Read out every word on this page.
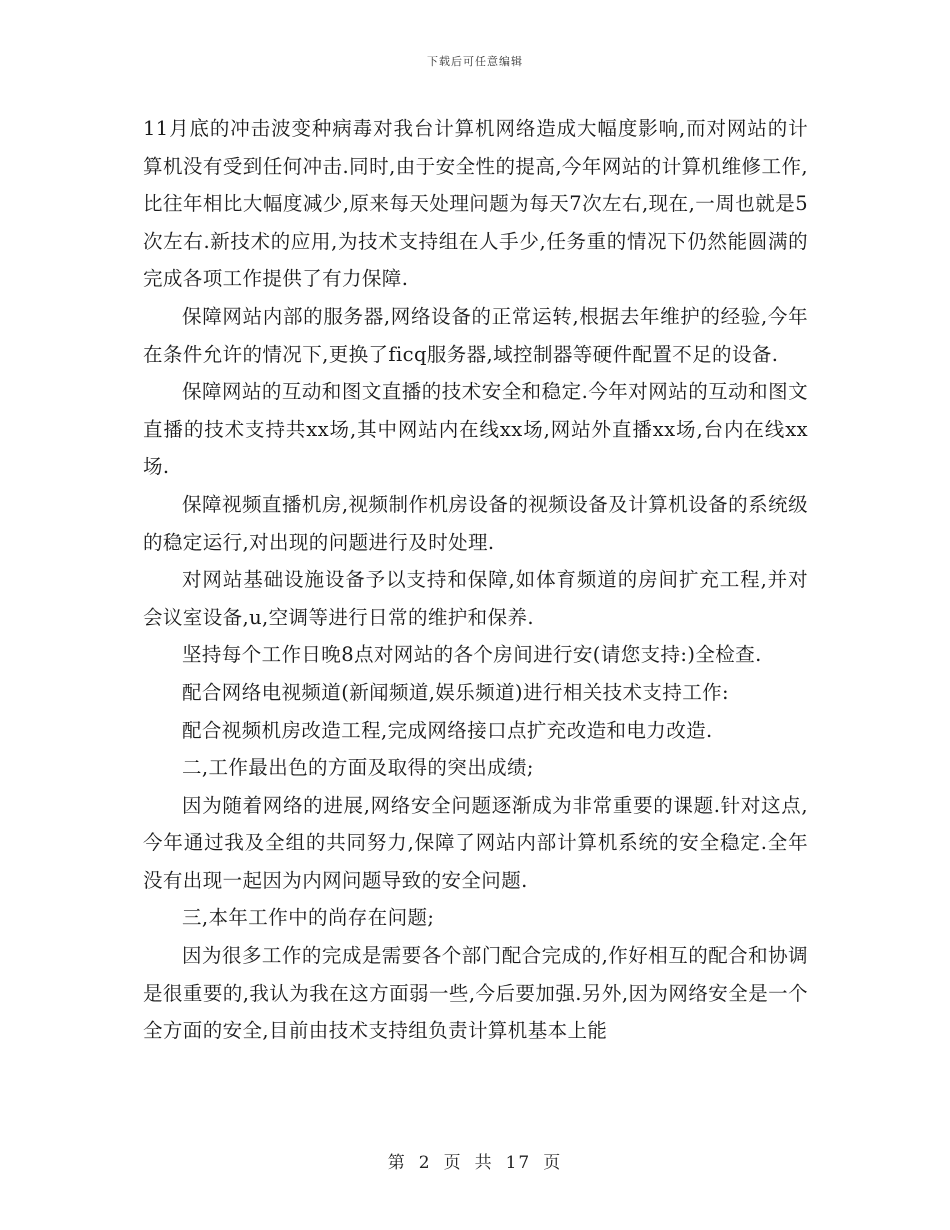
下载后可任意编辑

11月底的冲击波变种病毒对我台计算机网络造成大幅度影响,而对网站的计算机没有受到任何冲击.同时,由于安全性的提高,今年网站的计算机维修工作,比往年相比大幅度减少,原来每天处理问题为每天7次左右,现在,一周也就是5次左右.新技术的应用,为技术支持组在人手少,任务重的情况下仍然能圆满的完成各项工作提供了有力保障.

保障网站内部的服务器,网络设备的正常运转,根据去年维护的经验,今年在条件允许的情况下,更换了ficq服务器,域控制器等硬件配置不足的设备.

保障网站的互动和图文直播的技术安全和稳定.今年对网站的互动和图文直播的技术支持共xx场,其中网站内在线xx场,网站外直播xx场,台内在线xx场.

保障视频直播机房,视频制作机房设备的视频设备及计算机设备的系统级的稳定运行,对出现的问题进行及时处理.

对网站基础设施设备予以支持和保障,如体育频道的房间扩充工程,并对会议室设备,u,空调等进行日常的维护和保养.

坚持每个工作日晚8点对网站的各个房间进行安(请您支持:)全检查.

配合网络电视频道(新闻频道,娱乐频道)进行相关技术支持工作:

配合视频机房改造工程,完成网络接口点扩充改造和电力改造.

二,工作最出色的方面及取得的突出成绩;

因为随着网络的进展,网络安全问题逐渐成为非常重要的课题.针对这点,今年通过我及全组的共同努力,保障了网站内部计算机系统的安全稳定.全年没有出现一起因为内网问题导致的安全问题.

三,本年工作中的尚存在问题;

因为很多工作的完成是需要各个部门配合完成的,作好相互的配合和协调是很重要的,我认为我在这方面弱一些,今后要加强.另外,因为网络安全是一个全方面的安全,目前由技术支持组负责计算机基本上能

第 2 页 共 17 页
